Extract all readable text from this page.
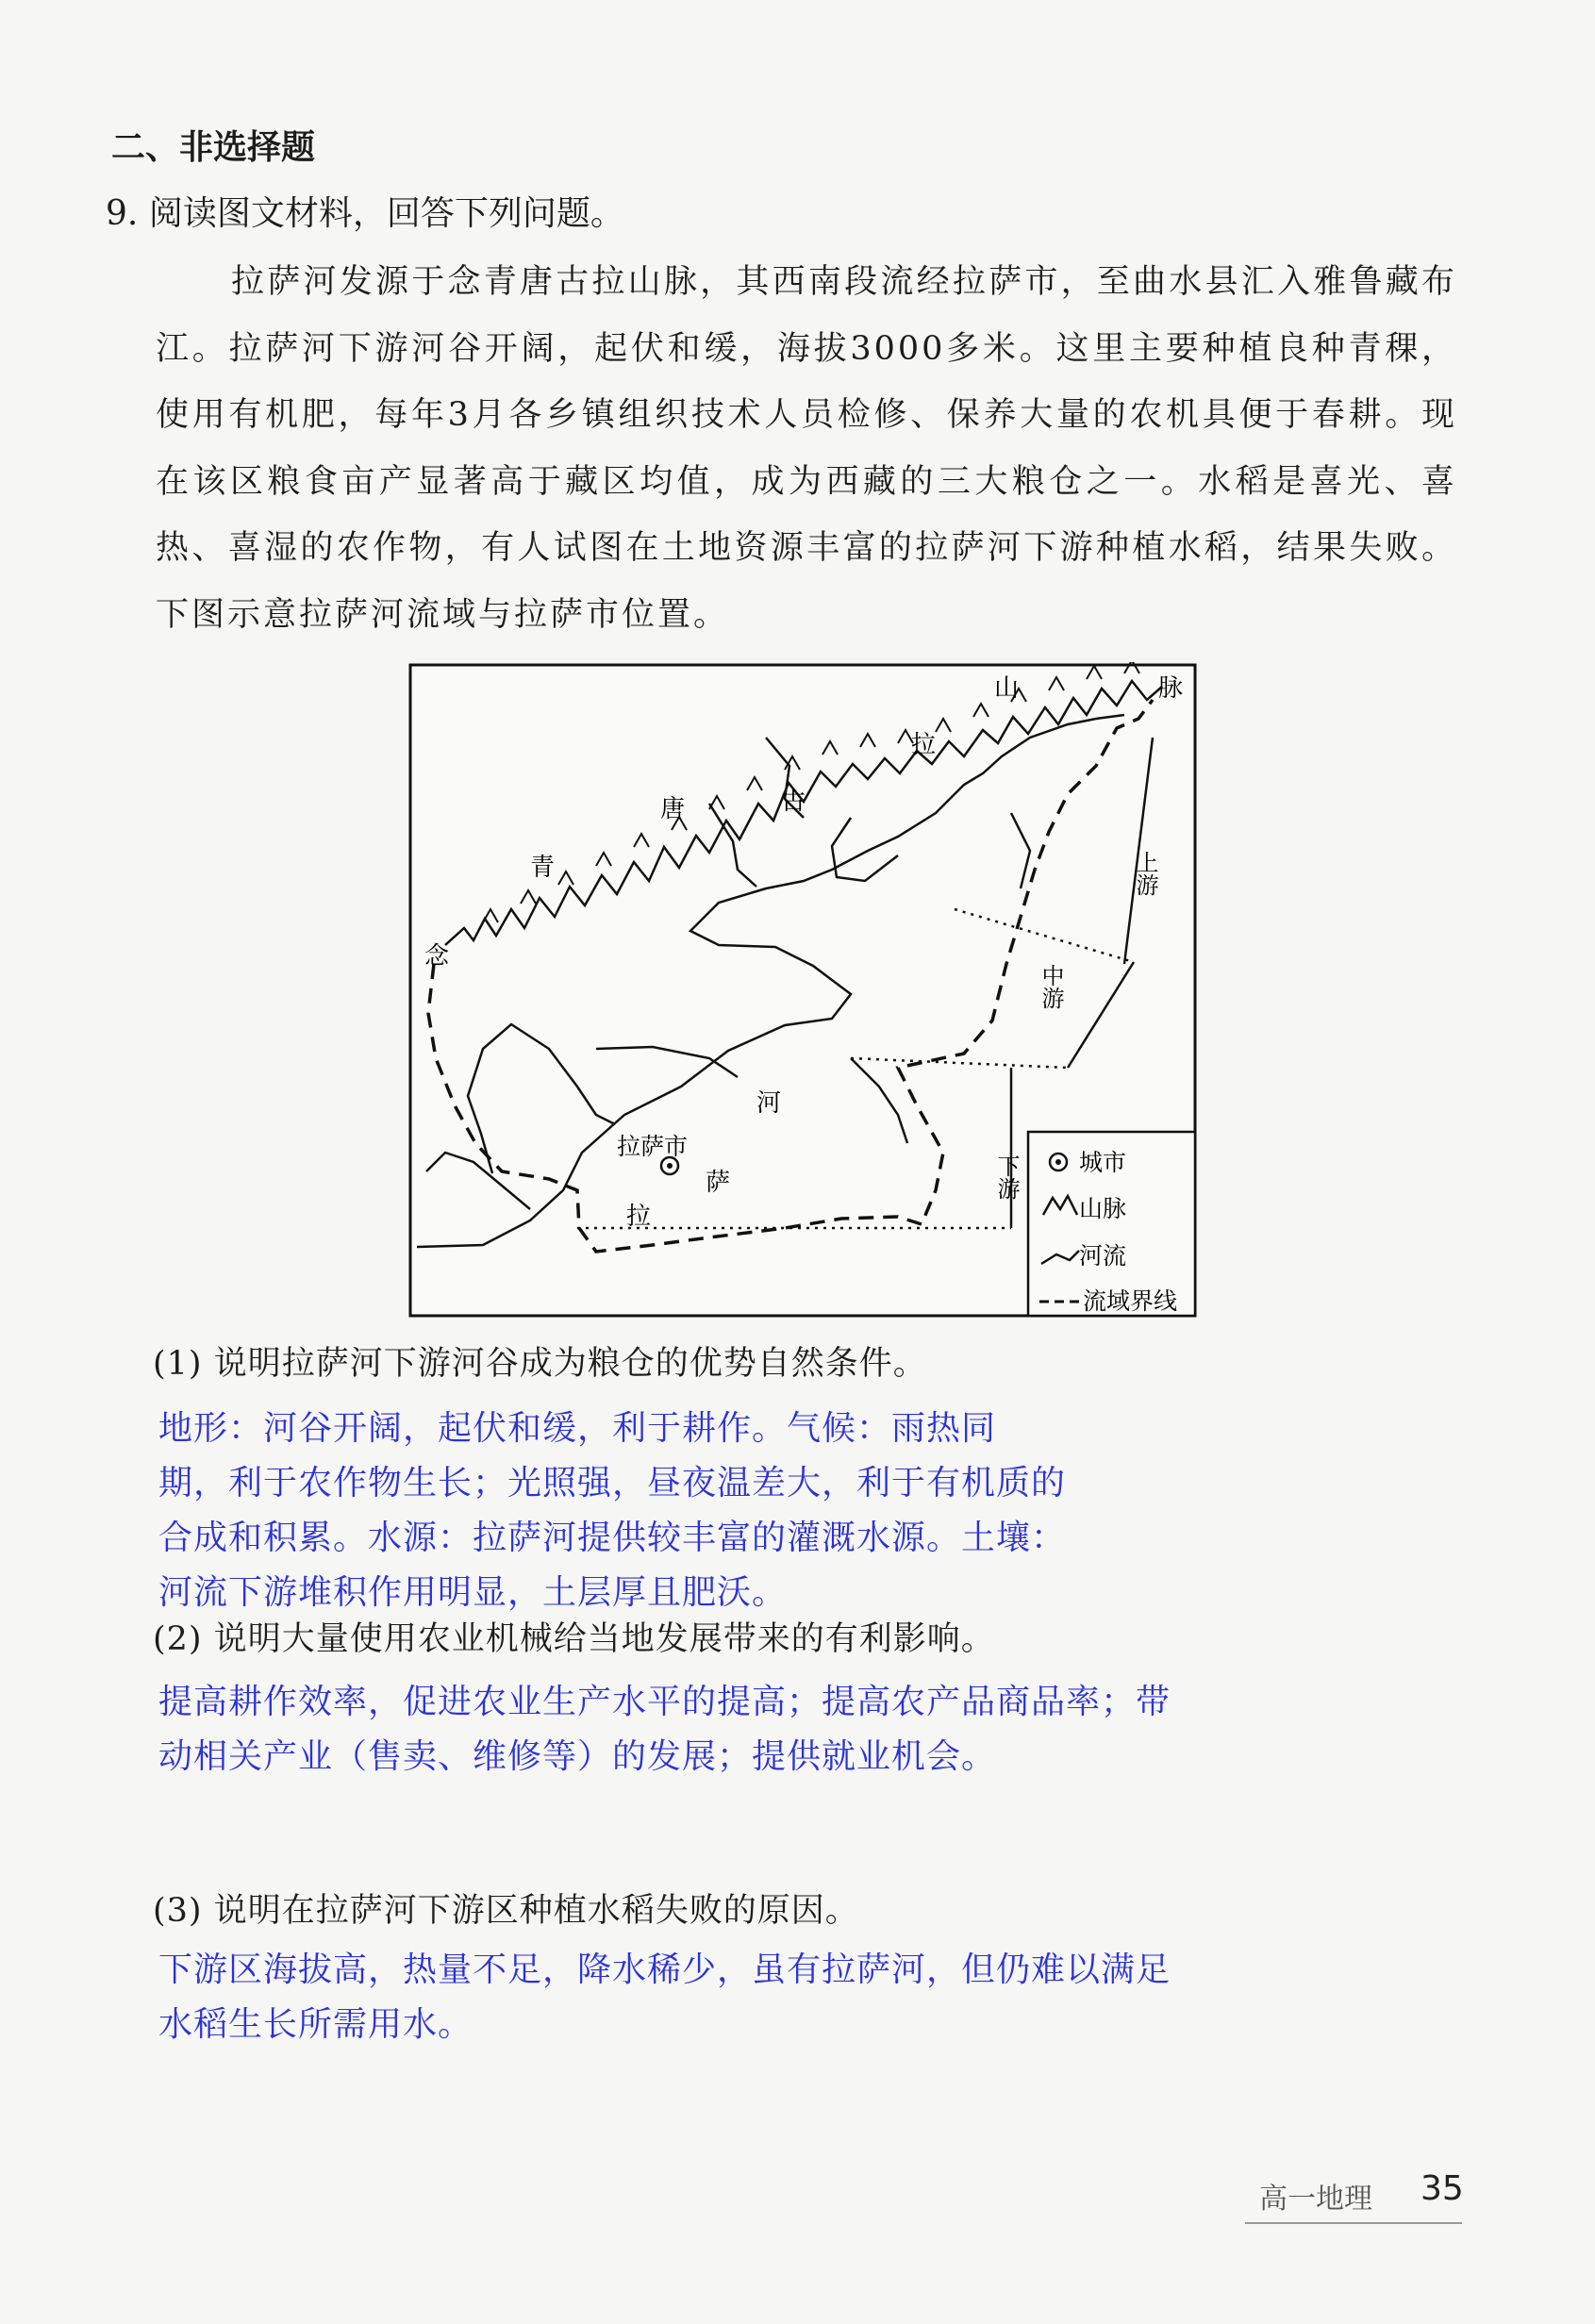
二、非选择题
9. 阅读图文材料，回答下列问题。
拉萨河发源于念青唐古拉山脉，其西南段流经拉萨市，至曲水县汇入雅鲁藏布江。拉萨河下游河谷开阔，起伏和缓，海拔3000多米。这里主要种植良种青稞，使用有机肥，每年3月各乡镇组织技术人员检修、保养大量的农机具便于春耕。现在该区粮食亩产显著高于藏区均值，成为西藏的三大粮仓之一。水稻是喜光、喜热、喜湿的农作物，有人试图在土地资源丰富的拉萨河下游种植水稻，结果失败。下图示意拉萨河流域与拉萨市位置。
念
青
唐	古
拉
山	脉
拉
萨
河
拉萨市
上游
中游
下游	城市
山脉
河流
流域界线
(1) 说明拉萨河下游河谷成为粮仓的优势自然条件。
地形：河谷开阔，起伏和缓，利于耕作。气候：雨热同
期，利于农作物生长；光照强，昼夜温差大，利于有机质的
合成和积累。水源：拉萨河提供较丰富的灌溉水源。土壤：
河流下游堆积作用明显，土层厚且肥沃。
(2) 说明大量使用农业机械给当地发展带来的有利影响。
提高耕作效率，促进农业生产水平的提高；提高农产品商品率；带
动相关产业（售卖、维修等）的发展；提供就业机会。
(3) 说明在拉萨河下游区种植水稻失败的原因。
下游区海拔高，热量不足，降水稀少，虽有拉萨河，但仍难以满足
水稻生长所需用水。
高一地理 35
